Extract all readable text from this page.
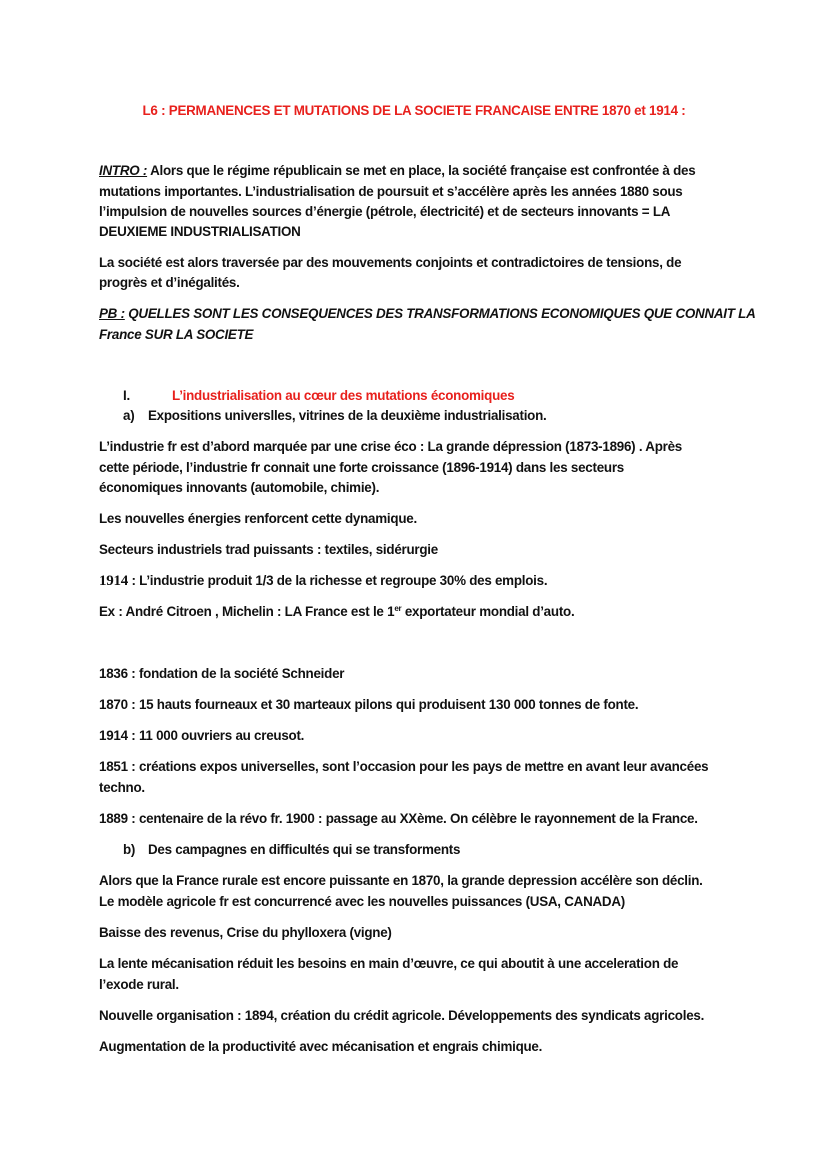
L6 : PERMANENCES ET MUTATIONS DE LA SOCIETE FRANCAISE ENTRE 1870 et 1914 :
INTRO : Alors que le régime républicain se met en place, la société française est confrontée à des
mutations importantes. L’industrialisation de poursuit et s’accélère après les années 1880 sous
l’impulsion de nouvelles sources d’énergie (pétrole, électricité) et de secteurs innovants = LA
DEUXIEME INDUSTRIALISATION
La société est alors traversée par des mouvements conjoints et contradictoires de tensions, de
progrès et d’inégalités.
PB : QUELLES SONT LES CONSEQUENCES DES TRANSFORMATIONS ECONOMIQUES QUE CONNAIT LA
France SUR LA SOCIETE
I.	L’industrialisation au cœur des mutations économiques
a) Expositions universlles, vitrines de la deuxième industrialisation.
L’industrie fr est d’abord marquée par une crise éco : La grande dépression (1873-1896) . Après
cette période, l’industrie fr connait une forte croissance (1896-1914) dans les secteurs
économiques innovants (automobile, chimie).
Les nouvelles énergies renforcent cette dynamique.
Secteurs industriels trad puissants : textiles, sidérurgie
1914 : L’industrie produit 1/3 de la richesse et regroupe 30% des emplois.
Ex : André Citroen , Michelin : LA France est le 1er exportateur mondial d’auto.
1836 : fondation de la société Schneider
1870 : 15 hauts fourneaux et 30 marteaux pilons qui produisent 130 000 tonnes de fonte.
1914 : 11 000 ouvriers au creusot.
1851 : créations expos universelles, sont l’occasion pour les pays de mettre en avant leur avancées
techno.
1889 : centenaire de la révo fr. 1900 : passage au XXème. On célèbre le rayonnement de la France.
b) Des campagnes en difficultés qui se transforments
Alors que la France rurale est encore puissante en 1870, la grande depression accélère son déclin.
Le modèle agricole fr est concurrencé avec les nouvelles puissances (USA, CANADA)
Baisse des revenus, Crise du phylloxera (vigne)
La lente mécanisation réduit les besoins en main d’œuvre, ce qui aboutit à une acceleration de
l’exode rural.
Nouvelle organisation : 1894, création du crédit agricole. Développements des syndicats agricoles.
Augmentation de la productivité avec mécanisation et engrais chimique.
